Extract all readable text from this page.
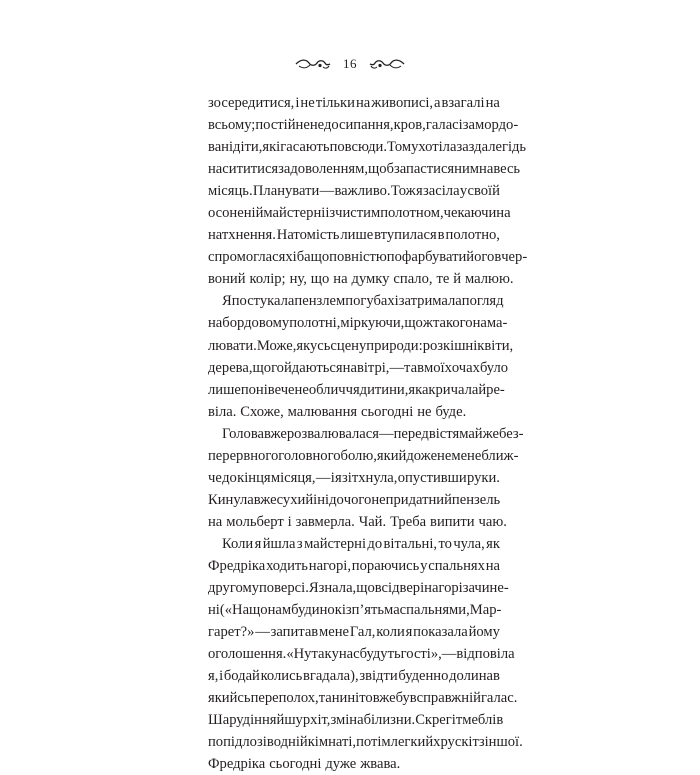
16
зосередитися, і не тільки на живописі, а взагалі на
всьому; постійне недосипання, кров, галас і замордо-
вані діти, які гасають повсюди. Тому хотіла заздалегідь
насититися задоволенням, щоб запастися ним на весь
місяць. Планувати — важливо. Тож я засіла у своїй
осоненій майстерні із чистим полотном, чекаючи на
натхнення. Натомість лише втупилася в полотно,
спромоглася хіба що повністю пофарбувати його в чер-
воний колір; ну, що на думку спало, те й малюю.
Я постукала пензлем по губах і затримала погляд
на бордовому полотні, міркуючи, що ж такого нама-
лювати. Може, якусь сцену природи: розкішні квіти,
дерева, що гойдаються на вітрі, — та в моїх очах було
лише понівечене обличчя дитини, яка кричала й ре-
віла. Схоже, малювання сьогодні не буде.
Голова вже розвалювалася — передвістя майже без-
перервного головного болю, який дожене мене ближ-
че до кінця місяця, — і я зітхнула, опустивши руки.
Кинула вже сухий і ні до чого не придатний пензель
на мольберт і завмерла. Чай. Треба випити чаю.
Коли я йшла з майстерні до вітальні, то чула, як
Фредріка ходить нагорі, пораючись у спальнях на
другому поверсі. Я знала, що всі двері нагорі зачине-
ні («Нащо нам будинок із п’ятьма спальнями, Мар-
гарет?» — запитав мене Гал, коли я показала йому
оголошення. «Ну так у нас будуть гості», — відповіла
я, і бодай колись вгадала), звідти буденно долинав
якийсь переполох, та нині то вже був справжній галас.
Шарудіння й шурхіт, зміна білизни. Скрегіт меблів
по підлозі в одній кімнаті, потім легкий хрускіт з іншої.
Фредріка сьогодні дуже жвава.
